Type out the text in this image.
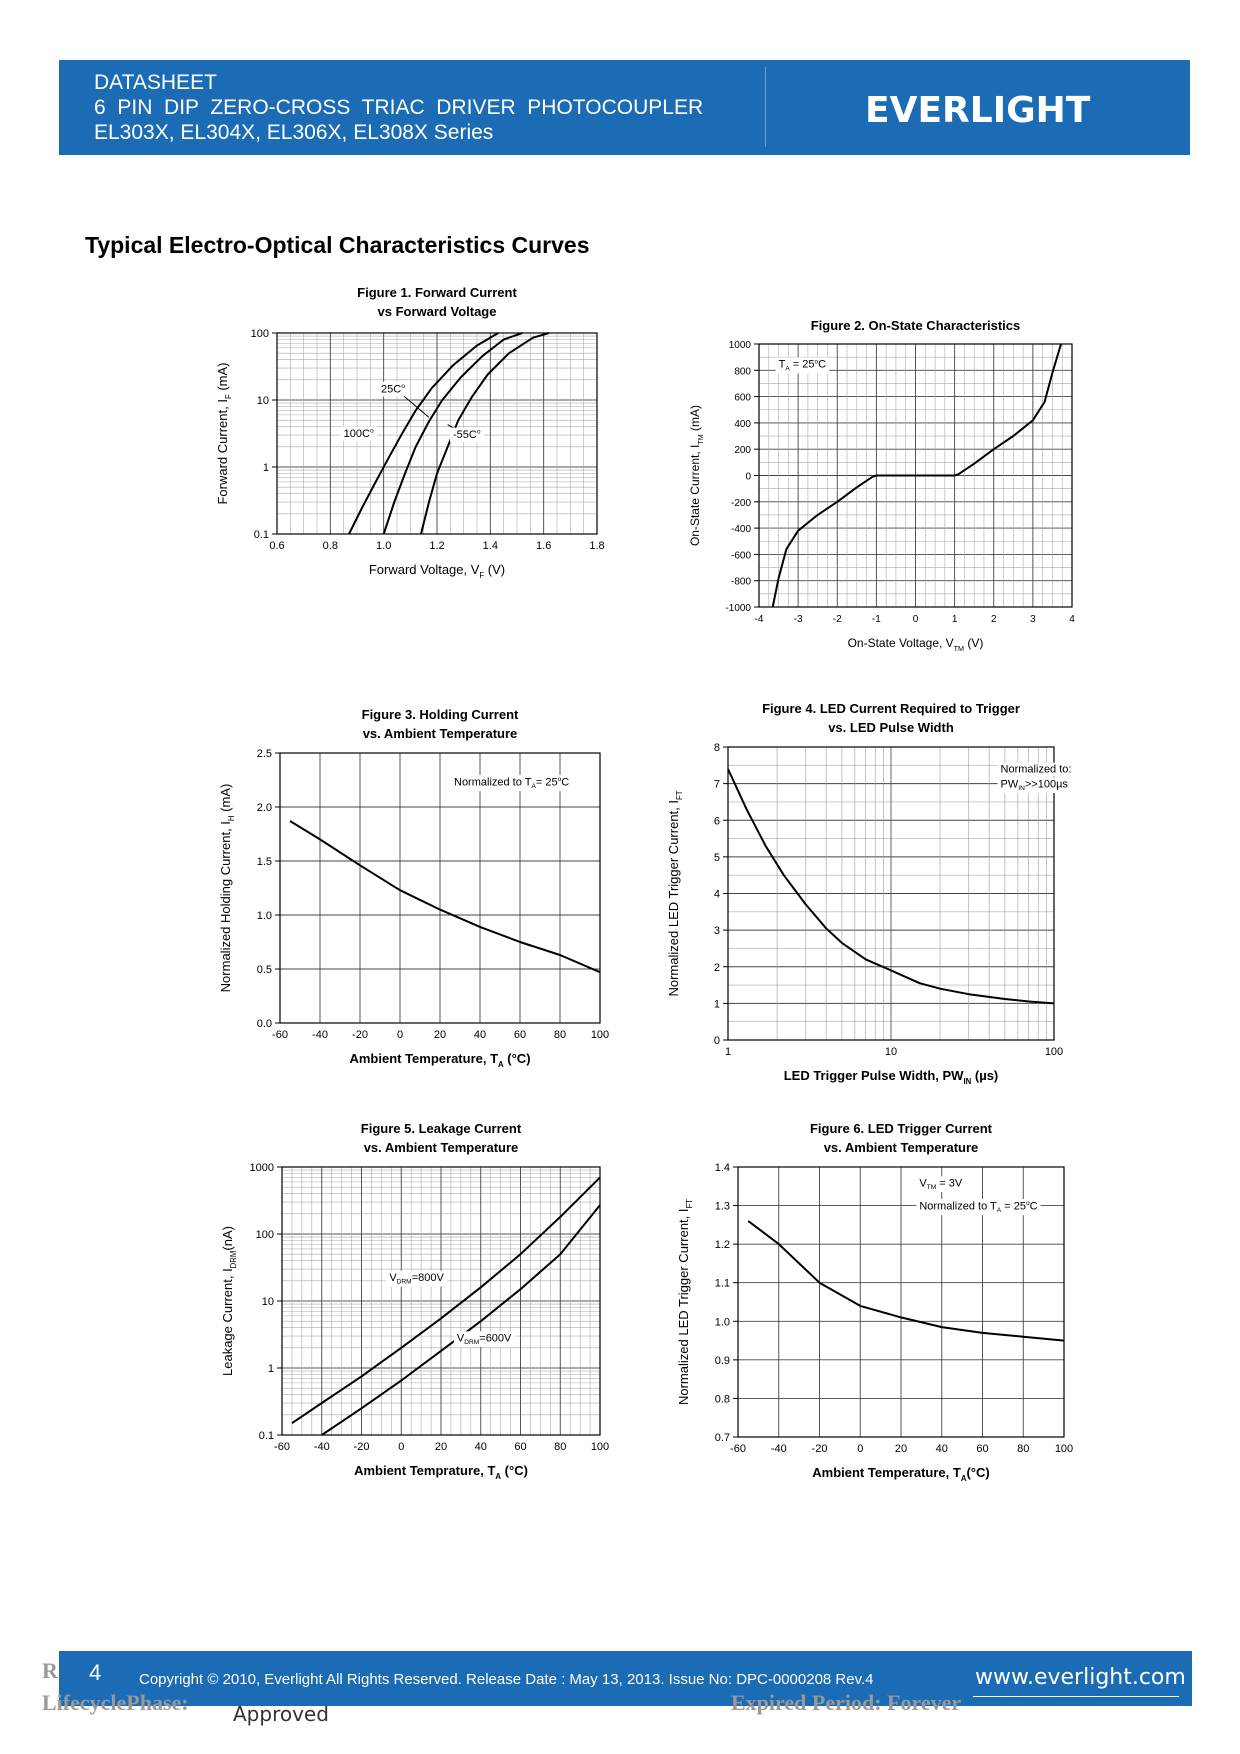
DATASHEET
6  PIN  DIP  ZERO-CROSS  TRIAC  DRIVER  PHOTOCOUPLER
EL303X, EL304X, EL306X, EL308X Series
EVERLIGHT
Typical Electro-Optical Characteristics Curves
Figure 1. Forward Current
vs Forward Voltage
0.6	0.8	1.0	1.2	1.4	1.6	1.8
0.1
1
10
100
Forward Voltage, $V_F$ (V)
Forward Current, $I_F$ (mA)	$25C^o$
$100C^o$	$-55C^o$
Figure 2. On-State Characteristics
-4	-3	-2	-1	0	1	2	3	4
-1000
-800
-600
-400
-200
0
200
400
600
800
1000
On-State Voltage, $V_{TM}$ (V)
On-State Current, $I_{TM}$ (mA)
$T_A = 25^oC$
Figure 3. Holding Current
vs. Ambient Temperature
-60 -40 -20	0	20	40	60	80 100
0.0
0.5
1.0
1.5
2.0
2.5
Ambient Temperature, $T_A$ (°C)
Normalized Holding Current, $I_H$ (mA)
Normalized to $T_A= 25^oC$
Figure 4. LED Current Required to Trigger
vs. LED Pulse Width
1	10	100
0
1
2
3
4
5
6
7
8
LED Trigger Pulse Width, $PW_{IN}$ (µs)
Normalized LED Trigger Current, $I_{FT}$
Normalized to:
$PW_{IN}>>100\mu s$
Figure 5. Leakage Current
vs. Ambient Temperature
-60 -40 -20	0	20	40	60	80 100
0.1
1
10
100
1000
Ambient Temprature, $T_A$ (°C)
Leakage Current, $I_{DRM}(nA)$
$V_{DRM}=800V$
$V_{DRM}=600V$
Figure 6. LED Trigger Current
vs. Ambient Temperature
-60 -40 -20	0	20	40	60	80 100
0.7
0.8
0.9
1.0
1.1
1.2
1.3
1.4
Ambient Temperature, $T_A(^\circ C)$
Normalized LED Trigger Current, $I_{FT}$
$V_{TM} = 3V$
Normalized to $T_A = 25^oC$
R 4	Copyright © 2010, Everlight All Rights Reserved. Release Date : May 13, 2013. Issue No: DPC-0000208 Rev.4	www.everlight.com
LifecyclePhase: Approved	Expired Period: Forever
